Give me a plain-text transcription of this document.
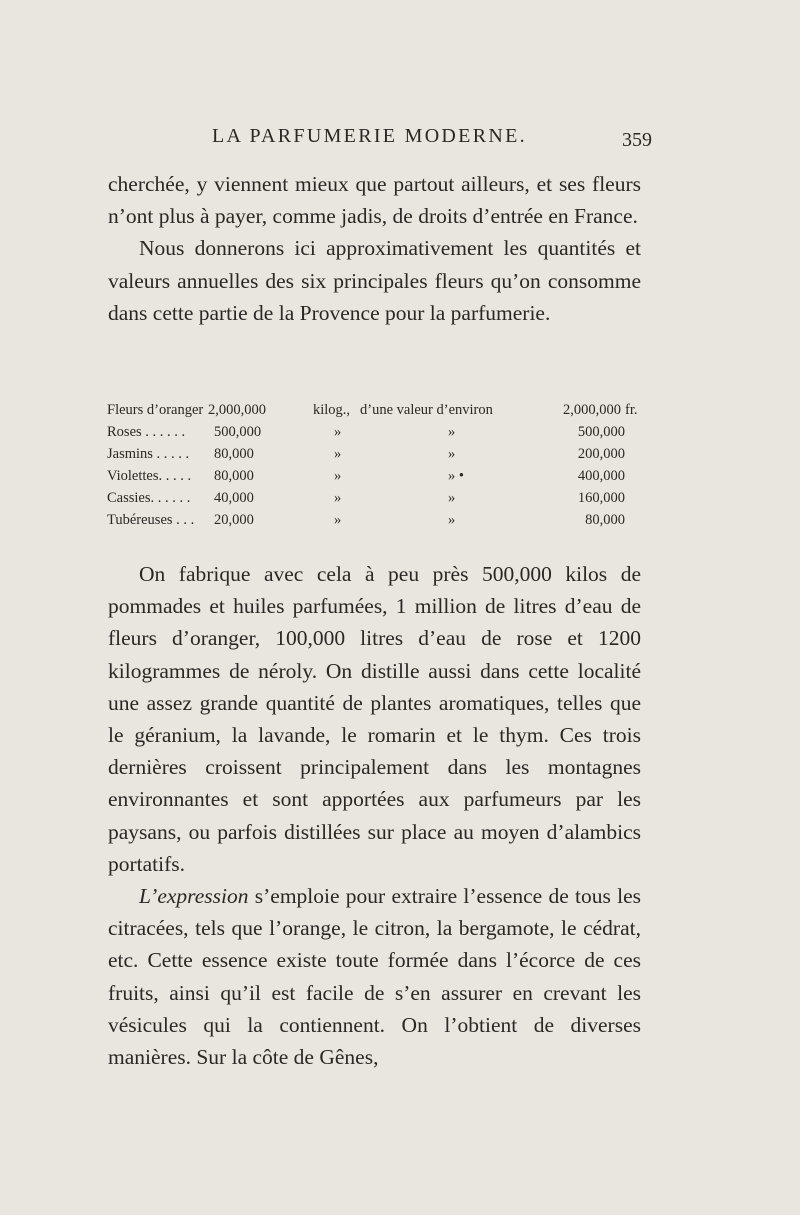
LA PARFUMERIE MODERNE.	359

cherchée, y viennent mieux que partout ailleurs, et ses fleurs n’ont plus à payer, comme jadis, de droits d’entrée en France.

Nous donnerons ici approximativement les quantités et valeurs annuelles des six principales fleurs qu’on consomme dans cette partie de la Provence pour la parfumerie.

Fleurs d’oranger 2,000,000	kilog., d’une valeur d’environ	2,000,000 fr.
Roses . . . . . . 500,000	»	»	500,000
Jasmins . . . . . 80,000	»	»	200,000
Violettes. . . . . 80,000	»	» •	400,000
Cassies. . . . . . 40,000	»	»	160,000
Tubéreuses . . . 20,000	»	»	80,000

On fabrique avec cela à peu près 500,000 kilos de pommades et huiles parfumées, 1 million de litres d’eau de fleurs d’oranger, 100,000 litres d’eau de rose et 1200 kilogrammes de néroly. On distille aussi dans cette localité une assez grande quantité de plantes aromatiques, telles que le géranium, la lavande, le romarin et le thym. Ces trois dernières croissent principalement dans les montagnes environnantes et sont apportées aux parfumeurs par les paysans, ou parfois distillées sur place au moyen d’alambics portatifs.

L’expression s’emploie pour extraire l’essence de tous les citracées, tels que l’orange, le citron, la bergamote, le cédrat, etc. Cette essence existe toute formée dans l’écorce de ces fruits, ainsi qu’il est facile de s’en assurer en crevant les vésicules qui la contiennent. On l’obtient de diverses manières. Sur la côte de Gênes,
